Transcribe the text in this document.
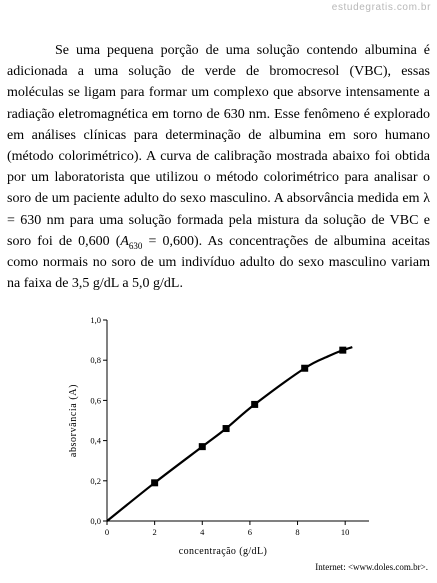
estudegratis.com.br

Se uma pequena porção de uma solução contendo albumina é adicionada a uma solução de verde de bromocresol (VBC), essas moléculas se ligam para formar um complexo que absorve intensamente a radiação eletromagnética em torno de 630 nm. Esse fenômeno é explorado em análises clínicas para determinação de albumina em soro humano (método colorimétrico). A curva de calibração mostrada abaixo foi obtida por um laboratorista que utilizou o método colorimétrico para analisar o soro de um paciente adulto do sexo masculino. A absorvância medida em λ = 630 nm para uma solução formada pela mistura da solução de VBC e soro foi de 0,600 $(A_{630} = 0,600)$. As concentrações de albumina aceitas como normais no soro de um indivíduo adulto do sexo masculino variam na faixa de 3,5 g/dL a 5,0 g/dL.

0,0
0,2
0,4
0,6
0,8
1,0
0	2	4	6	8	10
absorvância (A)
concentração (g/dL)
Internet: <www.doles.com.br>.
